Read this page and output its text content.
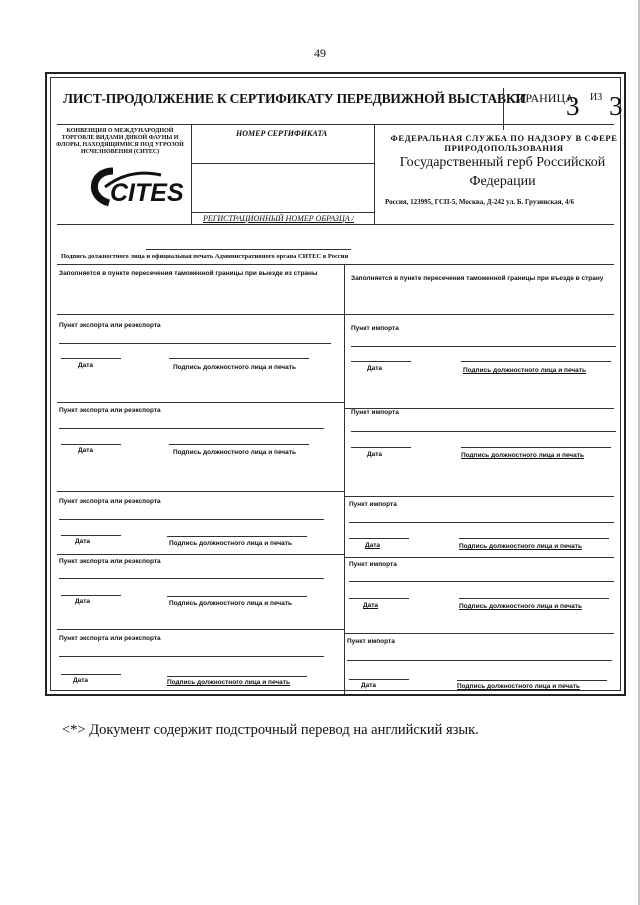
49
ЛИСТ-ПРОДОЛЖЕНИЕ К СЕРТИФИКАТУ ПЕРЕДВИЖНОЙ ВЫСТАВКИ
СТРАНИЦА
3 ИЗ 3
КОНВЕНЦИЯ О МЕЖДУНАРОДНОЙ ТОРГОВЛЕ ВИДАМИ ДИКОЙ ФАУНЫ И ФЛОРЫ, НАХОДЯЩИМИСЯ ПОД УГРОЗОЙ ИСЧЕЗНОВЕНИЯ (СИТЕС)
CITES
НОМЕР СЕРТИФИКАТА
РЕГИСТРАЦИОННЫЙ НОМЕР ОБРАЗЦА /
ФЕДЕРАЛЬНАЯ СЛУЖБА ПО НАДЗОРУ В СФЕРЕ ПРИРОДОПОЛЬЗОВАНИЯ
Государственный герб Российской Федерации
Россия, 123995, ГСП-5, Москва, Д-242 ул. Б. Грузинская, 4/6
Подпись должностного лица и официальная печать Административного органа СИТЕС в России
Заполняется в пункте пересечения таможенной границы при выезде из страны
Заполняется в пункте пересечения таможенной границы при въезде в страну
Пункт экспорта или реэкспорта	Пункт импорта
Дата	Подпись должностного лица и печать	Дата	Подпись должностного лица и печать
Пункт экспорта или реэкспорта	Пункт импорта
Дата	Подпись должностного лица и печать	Дата	Подпись должностного лица и печать
Пункт экспорта или реэкспорта	Пункт импорта
Дата	Подпись должностного лица и печать	Дата	Подпись должностного лица и печать
Пункт экспорта или реэкспорта	Пункт импорта
Дата	Подпись должностного лица и печать	Дата	Подпись должностного лица и печать
Пункт экспорта или реэкспорта	Пункт импорта
Дата	Подпись должностного лица и печать	Дата	Подпись должностного лица и печать
<*> Документ содержит подстрочный перевод на английский язык.
